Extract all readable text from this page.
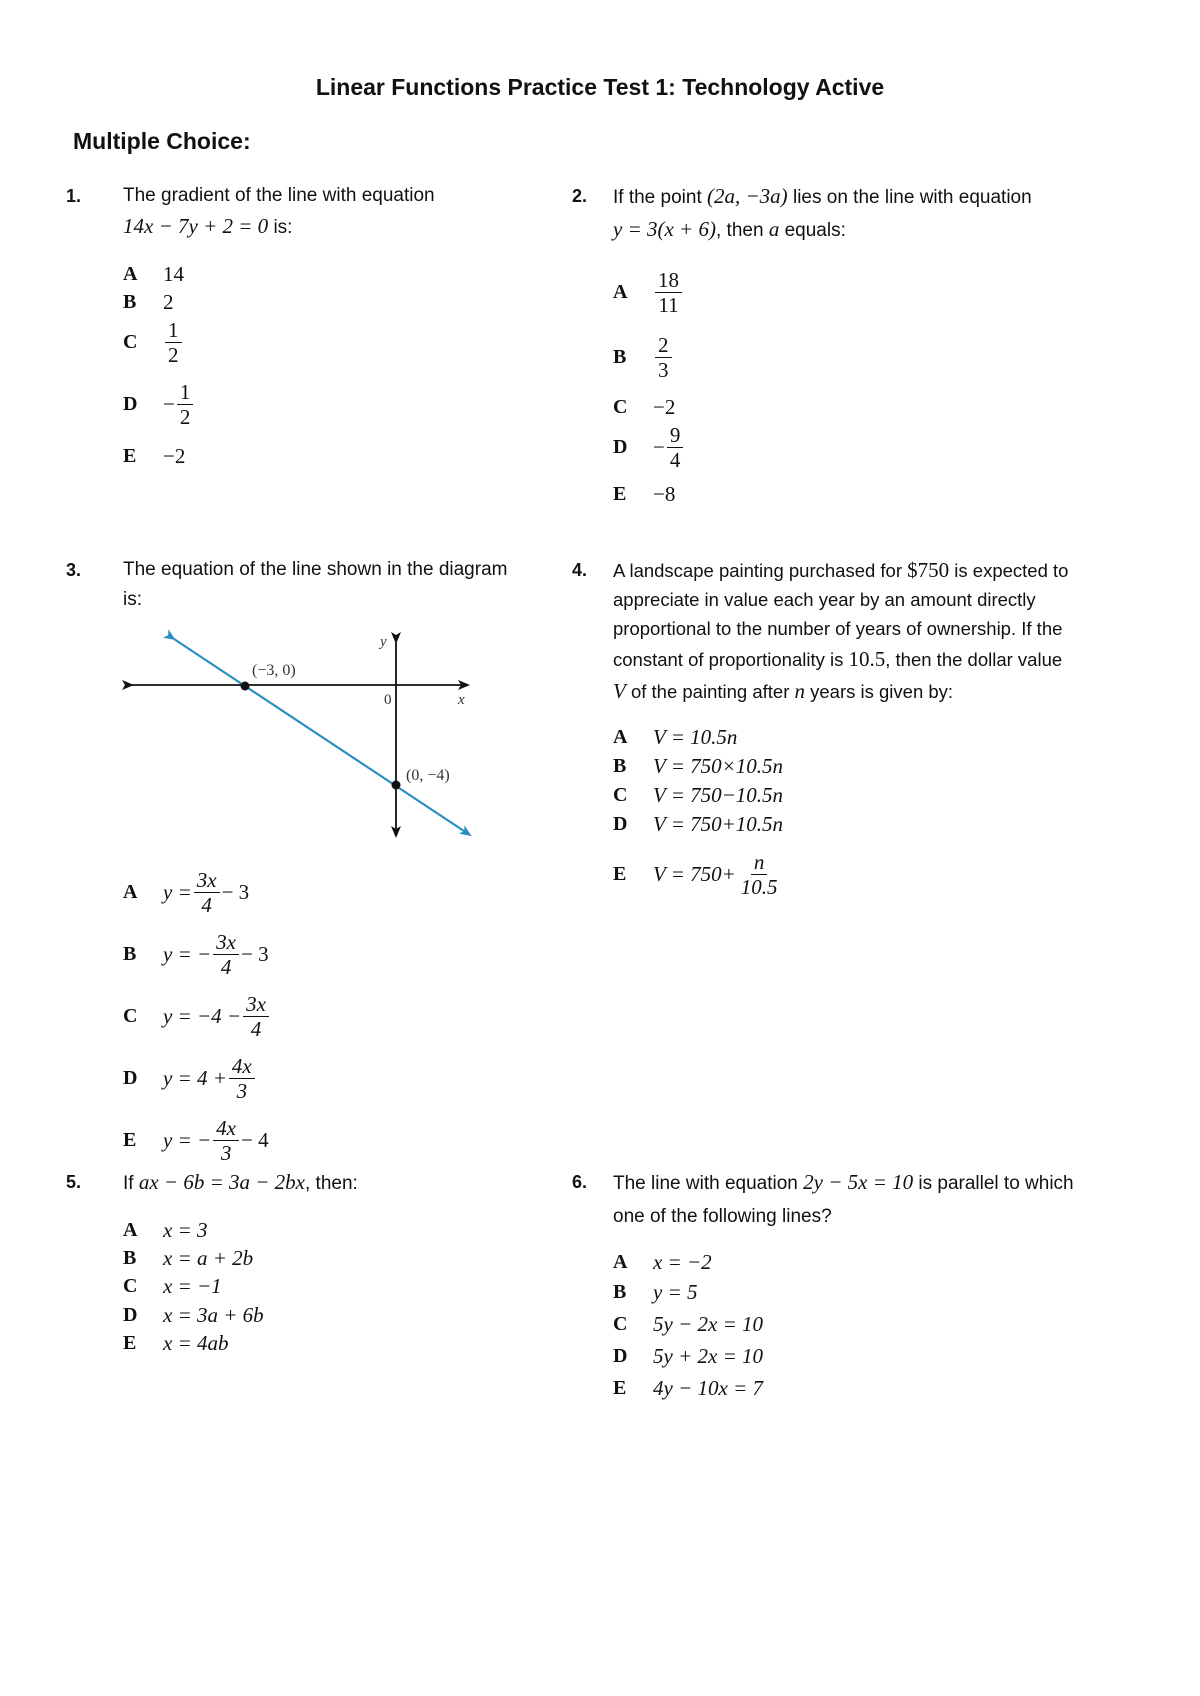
Linear Functions Practice Test 1: Technology Active
Multiple Choice:
1. The gradient of the line with equation
14x − 7y + 2 = 0 is:
A	14
B	2
C	$\frac{1}{2}$
D	− $\frac{1}{2}$
E	−2
2. If the point (2a, −3a) lies on the line with equation
y = 3(x + 6), then a equals:
A	$\frac{18}{11}$
B	$\frac{2}{3}$
C	−2
D	− $\frac{9}{4}$
E	−8
3. The equation of the line shown in the diagram
is:
(−3, 0)
(0, −4)
0	x
y
A	$y = \frac{3x}{4} - 3$
B	y = − $\frac{3x}{4} - 3$
C	$y = -4 - \frac{3x}{4}$
D	$y = 4 + \frac{4x}{3}$
E	y = − $\frac{4x}{3} - 4$
4. A landscape painting purchased for $750 is expected to
appreciate in value each year by an amount directly
proportional to the number of years of ownership. If the
constant of proportionality is 10.5, then the dollar value
V of the painting after n years is given by:
A	V = 10.5n
B	V = 750×10.5n
C	V = 750−10.5n
D	V = 750+10.5n
E	$V = 750+ \frac{n}{10.5}$
5. If ax − 6b = 3a − 2bx, then:
A	x = 3
B	x = a + 2b
C	x = −1
D	x = 3a + 6b
E	x = 4ab
6. The line with equation 2y − 5x = 10 is parallel to which
one of the following lines?
A	x = −2
B	y = 5
C	5y − 2x = 10
D	5y + 2x = 10
E	4y − 10x = 7
